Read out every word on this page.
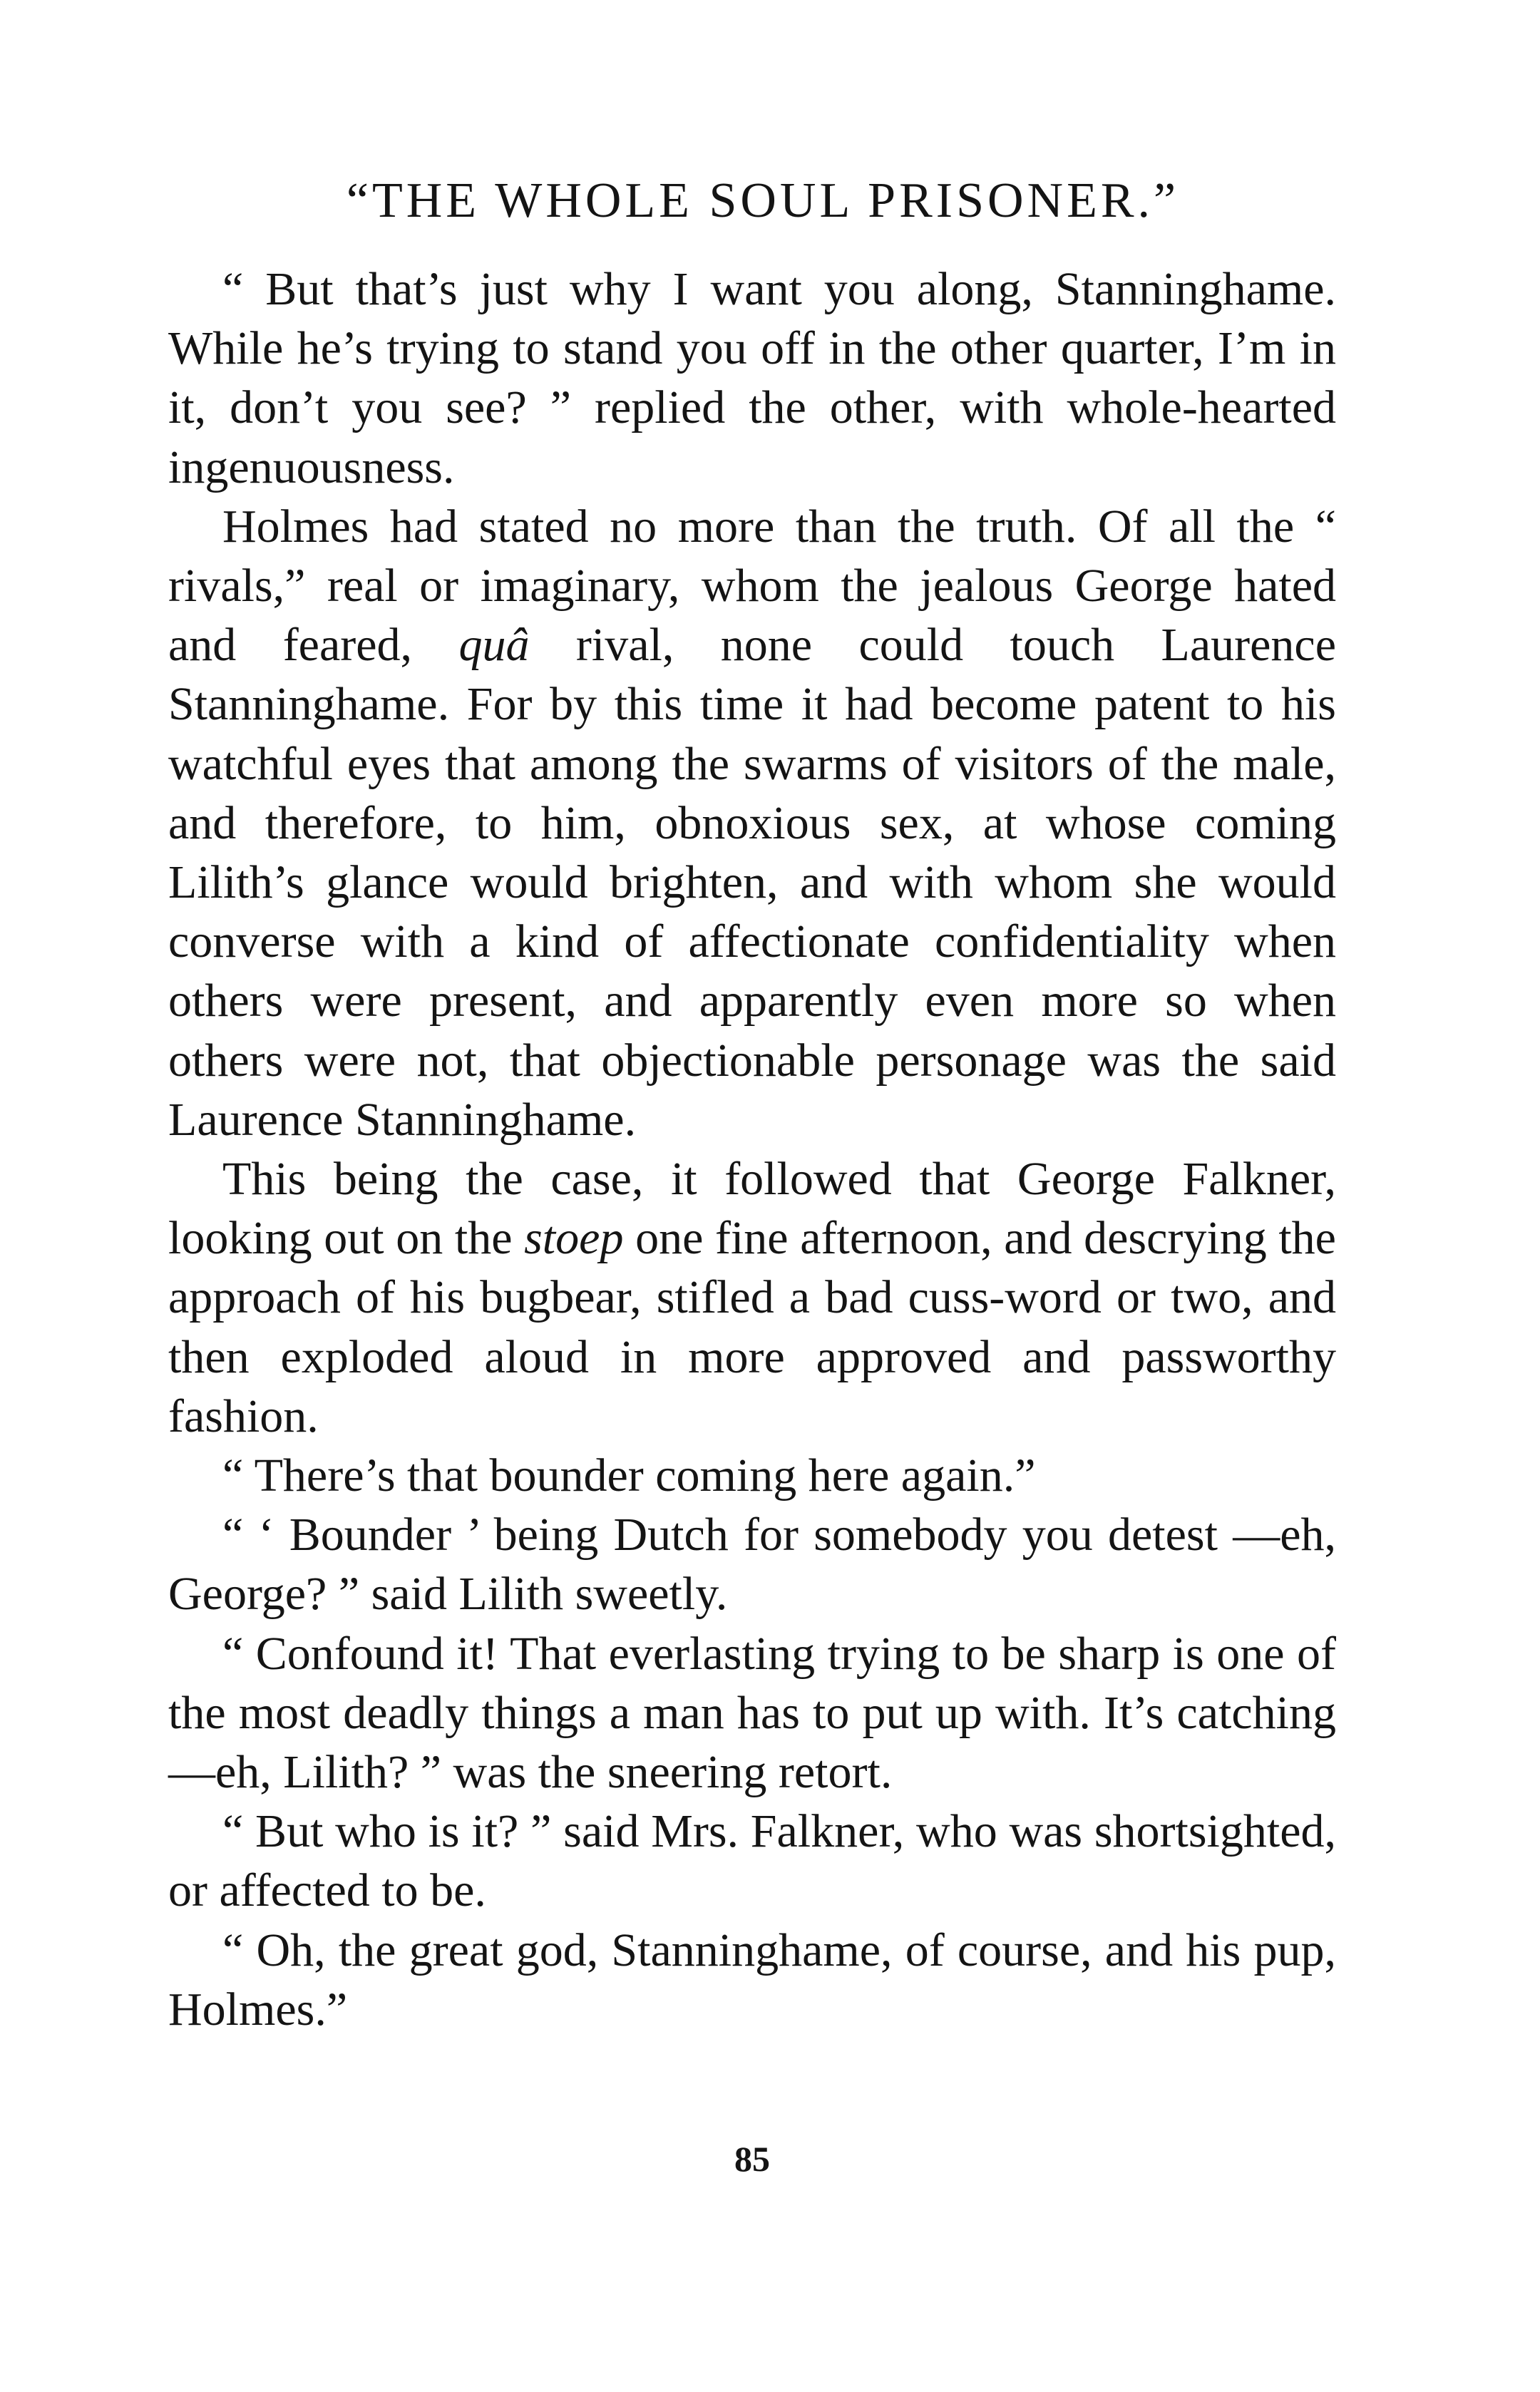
“THE WHOLE SOUL PRISONER.”

“ But that’s just why I want you along, Stanninghame. While he’s trying to stand you off in the other quarter, I’m in it, don’t you see? ” replied the other, with whole-hearted ingenuousness.

Holmes had stated no more than the truth. Of all the “ rivals,” real or imaginary, whom the jealous George hated and feared, quâ rival, none could touch Laurence Stanninghame. For by this time it had become patent to his watchful eyes that among the swarms of visitors of the male, and therefore, to him, obnoxious sex, at whose coming Lilith’s glance would brighten, and with whom she would converse with a kind of affectionate confidentiality when others were present, and apparently even more so when others were not, that objectionable personage was the said Laurence Stanninghame.

This being the case, it followed that George Falkner, looking out on the stoep one fine afternoon, and descrying the approach of his bugbear, stifled a bad cuss-word or two, and then exploded aloud in more approved and passworthy fashion.

“ There’s that bounder coming here again.”

“ ‘ Bounder ’ being Dutch for somebody you detest —eh, George? ” said Lilith sweetly.

“ Confound it! That everlasting trying to be sharp is one of the most deadly things a man has to put up with. It’s catching—eh, Lilith? ” was the sneering retort.

“ But who is it? ” said Mrs. Falkner, who was shortsighted, or affected to be.

“ Oh, the great god, Stanninghame, of course, and his pup, Holmes.”

85
